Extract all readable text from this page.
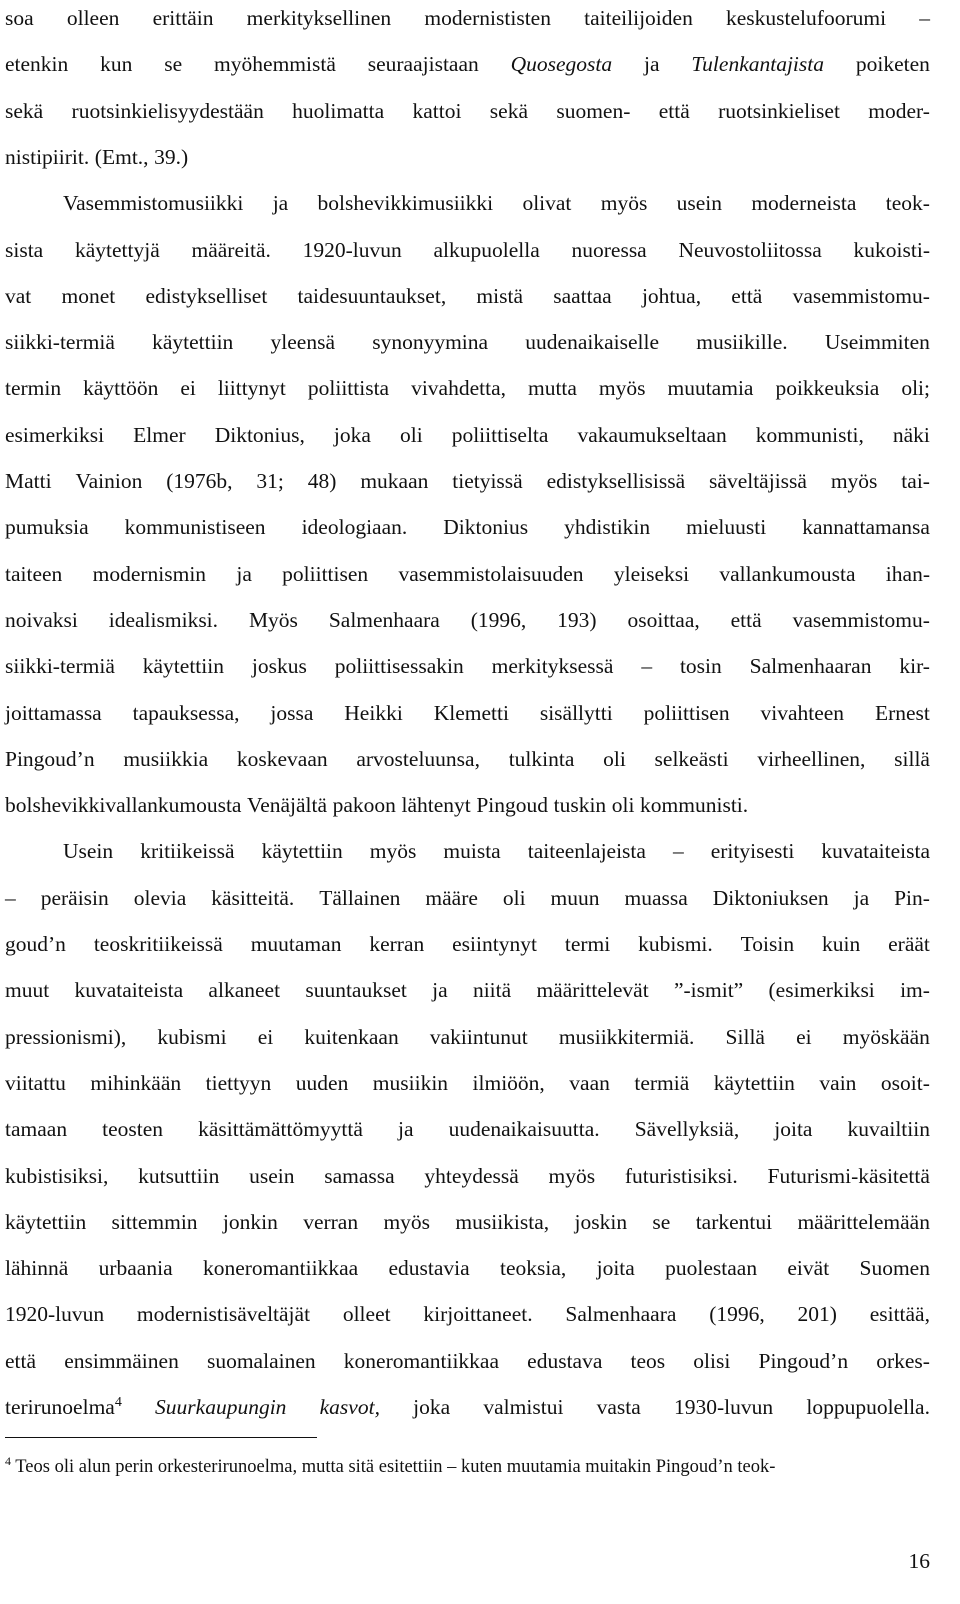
soa olleen erittäin merkityksellinen modernististen taiteilijoiden keskustelufoorumi –
etenkin kun se myöhemmistä seuraajistaan Quosegosta ja Tulenkantajista poiketen
sekä ruotsinkielisyydestään huolimatta kattoi sekä suomen- että ruotsinkieliset moder-
nistipiirit. (Emt., 39.)
Vasemmistomusiikki ja bolshevikkimusiikki olivat myös usein moderneista teok-
sista käytettyjä määreitä. 1920-luvun alkupuolella nuoressa Neuvostoliitossa kukoisti-
vat monet edistykselliset taidesuuntaukset, mistä saattaa johtua, että vasemmistomu-
siikki-termiä käytettiin yleensä synonyymina uudenaikaiselle musiikille. Useimmiten
termin käyttöön ei liittynyt poliittista vivahdetta, mutta myös muutamia poikkeuksia oli;
esimerkiksi Elmer Diktonius, joka oli poliittiselta vakaumukseltaan kommunisti, näki
Matti Vainion (1976b, 31; 48) mukaan tietyissä edistyksellisissä säveltäjissä myös tai-
pumuksia kommunistiseen ideologiaan. Diktonius yhdistikin mieluusti kannattamansa
taiteen modernismin ja poliittisen vasemmistolaisuuden yleiseksi vallankumousta ihan-
noivaksi idealismiksi. Myös Salmenhaara (1996, 193) osoittaa, että vasemmistomu-
siikki-termiä käytettiin joskus poliittisessakin merkityksessä – tosin Salmenhaaran kir-
joittamassa tapauksessa, jossa Heikki Klemetti sisällytti poliittisen vivahteen Ernest
Pingoud’n musiikkia koskevaan arvosteluunsa, tulkinta oli selkeästi virheellinen, sillä
bolshevikkivallankumousta Venäjältä pakoon lähtenyt Pingoud tuskin oli kommunisti.
Usein kritiikeissä käytettiin myös muista taiteenlajeista – erityisesti kuvataiteista
– peräisin olevia käsitteitä. Tällainen määre oli muun muassa Diktoniuksen ja Pin-
goud’n teoskritiikeissä muutaman kerran esiintynyt termi kubismi. Toisin kuin eräät
muut kuvataiteista alkaneet suuntaukset ja niitä määrittelevät ”-ismit” (esimerkiksi im-
pressionismi), kubismi ei kuitenkaan vakiintunut musiikkitermiä. Sillä ei myöskään
viitattu mihinkään tiettyyn uuden musiikin ilmiöön, vaan termiä käytettiin vain osoit-
tamaan teosten käsittämättömyyttä ja uudenaikaisuutta. Sävellyksiä, joita kuvailtiin
kubistisiksi, kutsuttiin usein samassa yhteydessä myös futuristisiksi. Futurismi-käsitettä
käytettiin sittemmin jonkin verran myös musiikista, joskin se tarkentui määrittelemään
lähinnä urbaania koneromantiikkaa edustavia teoksia, joita puolestaan eivät Suomen
1920-luvun modernistisäveltäjät olleet kirjoittaneet. Salmenhaara (1996, 201) esittää,
että ensimmäinen suomalainen koneromantiikkaa edustava teos olisi Pingoud’n orkes-
terirunoelma$^4$ Suurkaupungin kasvot, joka valmistui vasta 1930-luvun loppupuolella.
$^4$ Teos oli alun perin orkesterirunoelma, mutta sitä esitettiin – kuten muutamia muitakin Pingoud’n teok-
16
